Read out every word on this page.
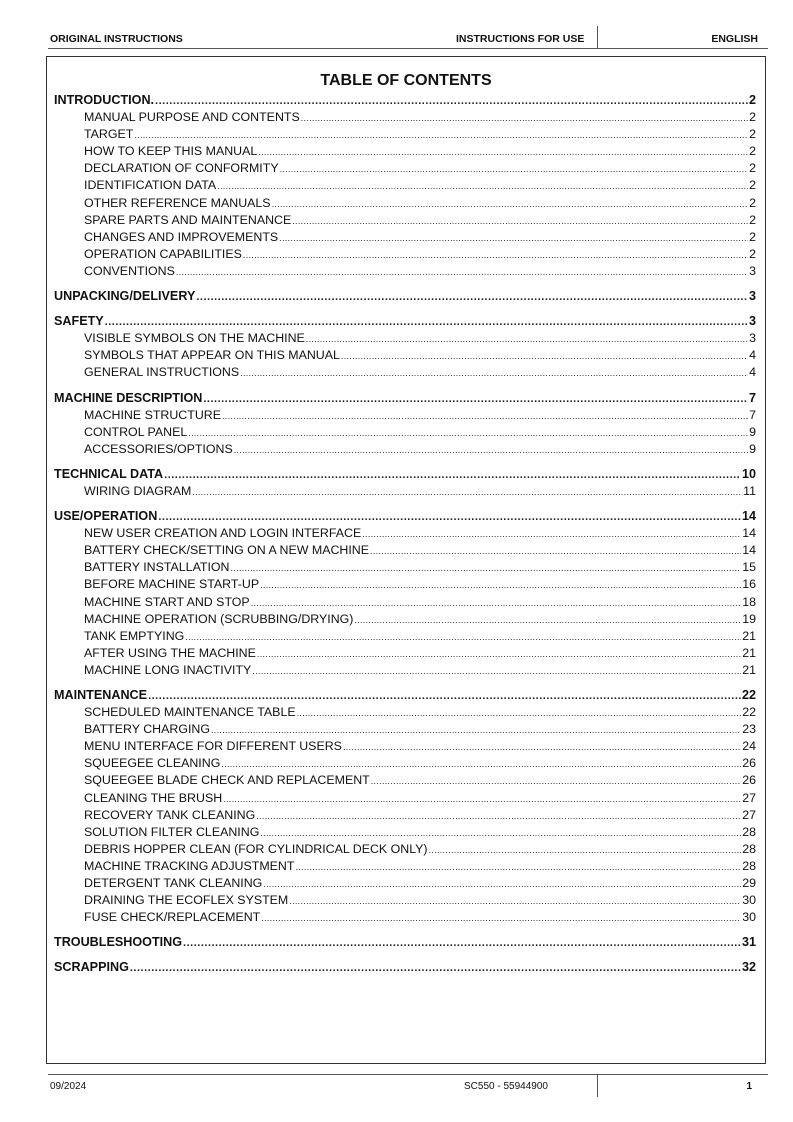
ORIGINAL INSTRUCTIONS	INSTRUCTIONS FOR USE	ENGLISH
TABLE OF CONTENTS
INTRODUCTION. .....	2
MANUAL PURPOSE AND CONTENTS .....	2
TARGET .....	2
HOW TO KEEP THIS MANUAL .....	2
DECLARATION OF CONFORMITY .....	2
IDENTIFICATION DATA .....	2
OTHER REFERENCE MANUALS .....	2
SPARE PARTS AND MAINTENANCE .....	2
CHANGES AND IMPROVEMENTS .....	2
OPERATION CAPABILITIES .....	2
CONVENTIONS .....	3
UNPACKING/DELIVERY .....	3
SAFETY .....	3
VISIBLE SYMBOLS ON THE MACHINE .....	3
SYMBOLS THAT APPEAR ON THIS MANUAL .....	4
GENERAL INSTRUCTIONS .....	4
MACHINE DESCRIPTION .....	7
MACHINE STRUCTURE .....	7
CONTROL PANEL .....	9
ACCESSORIES/OPTIONS .....	9
TECHNICAL DATA .....	10
WIRING DIAGRAM .....	11
USE/OPERATION .....	14
NEW USER CREATION AND LOGIN INTERFACE .....	14
BATTERY CHECK/SETTING ON A NEW MACHINE .....	14
BATTERY INSTALLATION .....	15
BEFORE MACHINE START-UP .....	16
MACHINE START AND STOP .....	18
MACHINE OPERATION (SCRUBBING/DRYING) .....	19
TANK EMPTYING .....	21
AFTER USING THE MACHINE .....	21
MACHINE LONG INACTIVITY .....	21
MAINTENANCE .....	22
SCHEDULED MAINTENANCE TABLE .....	22
BATTERY CHARGING .....	23
MENU INTERFACE FOR DIFFERENT USERS .....	24
SQUEEGEE CLEANING .....	26
SQUEEGEE BLADE CHECK AND REPLACEMENT .....	26
CLEANING THE BRUSH .....	27
RECOVERY TANK CLEANING .....	27
SOLUTION FILTER CLEANING .....	28
DEBRIS HOPPER CLEAN (FOR CYLINDRICAL DECK ONLY) .....	28
MACHINE TRACKING ADJUSTMENT .....	28
DETERGENT TANK CLEANING .....	29
DRAINING THE ECOFLEX SYSTEM .....	30
FUSE CHECK/REPLACEMENT .....	30
TROUBLESHOOTING .....	31
SCRAPPING .....	32
09/2024	SC550 - 55944900	1
